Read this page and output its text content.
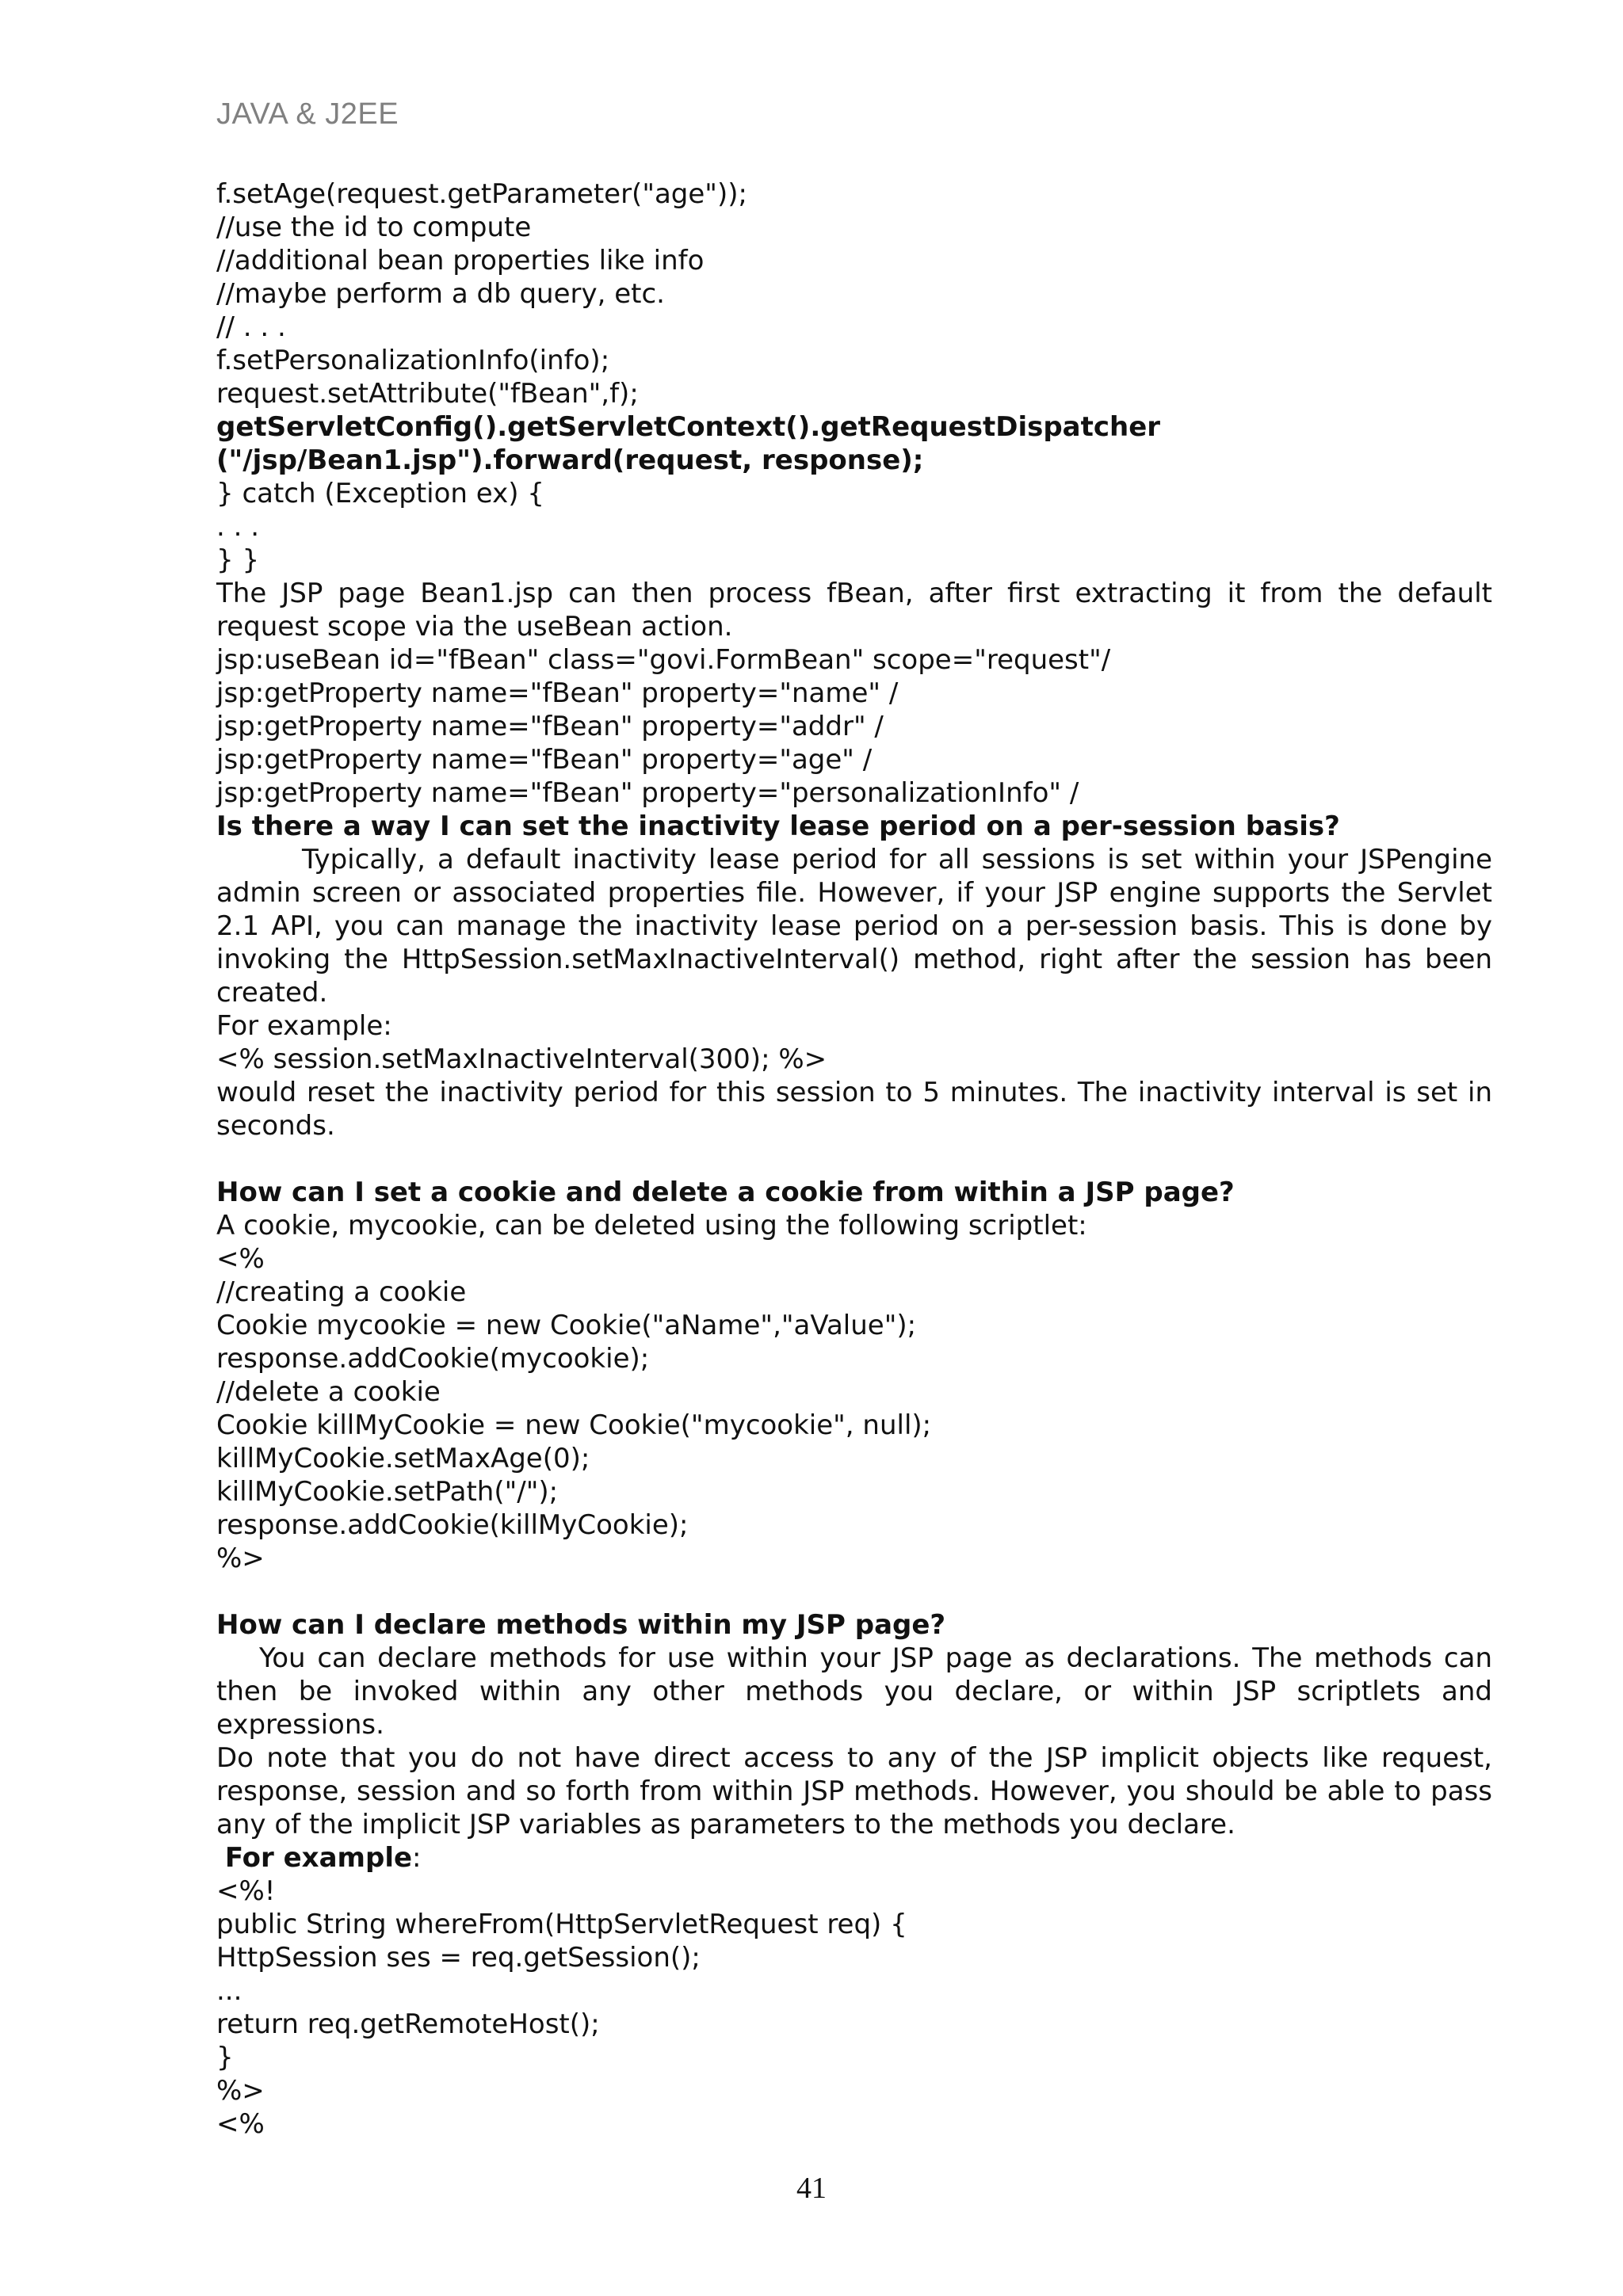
JAVA & J2EE
f.setAge(request.getParameter("age"));
//use the id to compute
//additional bean properties like info
//maybe perform a db query, etc.
// . . .
f.setPersonalizationInfo(info);
request.setAttribute("fBean",f);
getServletConfig().getServletContext().getRequestDispatcher
("/jsp/Bean1.jsp").forward(request, response);
} catch (Exception ex) {
. . .
} }
The JSP page Bean1.jsp can then process fBean, after first extracting it from the default request scope via the useBean action.
jsp:useBean id="fBean" class="govi.FormBean" scope="request"/
jsp:getProperty name="fBean" property="name" /
jsp:getProperty name="fBean" property="addr" /
jsp:getProperty name="fBean" property="age" /
jsp:getProperty name="fBean" property="personalizationInfo" /
Is there a way I can set the inactivity lease period on a per-session basis?
Typically, a default inactivity lease period for all sessions is set within your JSPengine admin screen or associated properties file. However, if your JSP engine supports the Servlet 2.1 API, you can manage the inactivity lease period on a per-session basis. This is done by invoking the HttpSession.setMaxInactiveInterval() method, right after the session has been created.
For example:
<% session.setMaxInactiveInterval(300); %>
would reset the inactivity period for this session to 5 minutes. The inactivity interval is set in seconds.
How can I set a cookie and delete a cookie from within a JSP page?
A cookie, mycookie, can be deleted using the following scriptlet:
<%
//creating a cookie
Cookie mycookie = new Cookie("aName","aValue");
response.addCookie(mycookie);
//delete a cookie
Cookie killMyCookie = new Cookie("mycookie", null);
killMyCookie.setMaxAge(0);
killMyCookie.setPath("/");
response.addCookie(killMyCookie);
%>
How can I declare methods within my JSP page?
You can declare methods for use within your JSP page as declarations. The methods can then be invoked within any other methods you declare, or within JSP scriptlets and expressions.
Do note that you do not have direct access to any of the JSP implicit objects like request, response, session and so forth from within JSP methods. However, you should be able to pass any of the implicit JSP variables as parameters to the methods you declare.
For example:
<%!
public String whereFrom(HttpServletRequest req) {
HttpSession ses = req.getSession();
...
return req.getRemoteHost();
}
%>
<%
41
